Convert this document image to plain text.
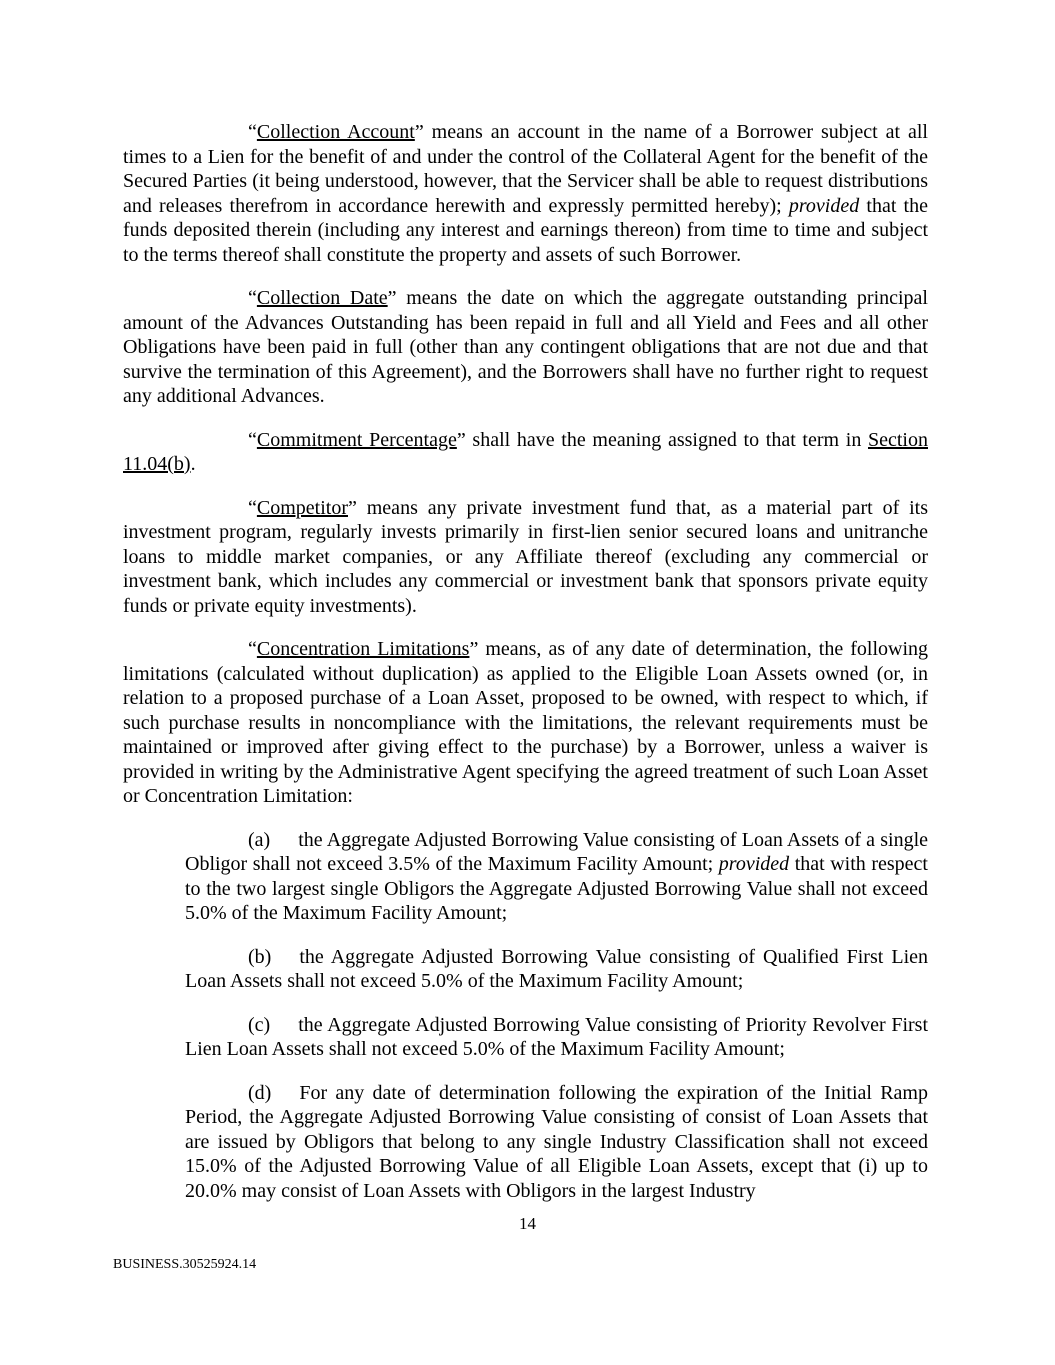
“Collection Account” means an account in the name of a Borrower subject at all times to a Lien for the benefit of and under the control of the Collateral Agent for the benefit of the Secured Parties (it being understood, however, that the Servicer shall be able to request distributions and releases therefrom in accordance herewith and expressly permitted hereby); provided that the funds deposited therein (including any interest and earnings thereon) from time to time and subject to the terms thereof shall constitute the property and assets of such Borrower.

“Collection Date” means the date on which the aggregate outstanding principal amount of the Advances Outstanding has been repaid in full and all Yield and Fees and all other Obligations have been paid in full (other than any contingent obligations that are not due and that survive the termination of this Agreement), and the Borrowers shall have no further right to request any additional Advances.

“Commitment Percentage” shall have the meaning assigned to that term in Section 11.04(b).

“Competitor” means any private investment fund that, as a material part of its investment program, regularly invests primarily in first-lien senior secured loans and unitranche loans to middle market companies, or any Affiliate thereof (excluding any commercial or investment bank, which includes any commercial or investment bank that sponsors private equity funds or private equity investments).

“Concentration Limitations” means, as of any date of determination, the following limitations (calculated without duplication) as applied to the Eligible Loan Assets owned (or, in relation to a proposed purchase of a Loan Asset, proposed to be owned, with respect to which, if such purchase results in noncompliance with the limitations, the relevant requirements must be maintained or improved after giving effect to the purchase) by a Borrower, unless a waiver is provided in writing by the Administrative Agent specifying the agreed treatment of such Loan Asset or Concentration Limitation:

(a) the Aggregate Adjusted Borrowing Value consisting of Loan Assets of a single Obligor shall not exceed 3.5% of the Maximum Facility Amount; provided that with respect to the two largest single Obligors the Aggregate Adjusted Borrowing Value shall not exceed 5.0% of the Maximum Facility Amount;

(b) the Aggregate Adjusted Borrowing Value consisting of Qualified First Lien Loan Assets shall not exceed 5.0% of the Maximum Facility Amount;

(c) the Aggregate Adjusted Borrowing Value consisting of Priority Revolver First Lien Loan Assets shall not exceed 5.0% of the Maximum Facility Amount;

(d) For any date of determination following the expiration of the Initial Ramp Period, the Aggregate Adjusted Borrowing Value consisting of consist of Loan Assets that are issued by Obligors that belong to any single Industry Classification shall not exceed 15.0% of the Adjusted Borrowing Value of all Eligible Loan Assets, except that (i) up to 20.0% may consist of Loan Assets with Obligors in the largest Industry

14
BUSINESS.30525924.14
